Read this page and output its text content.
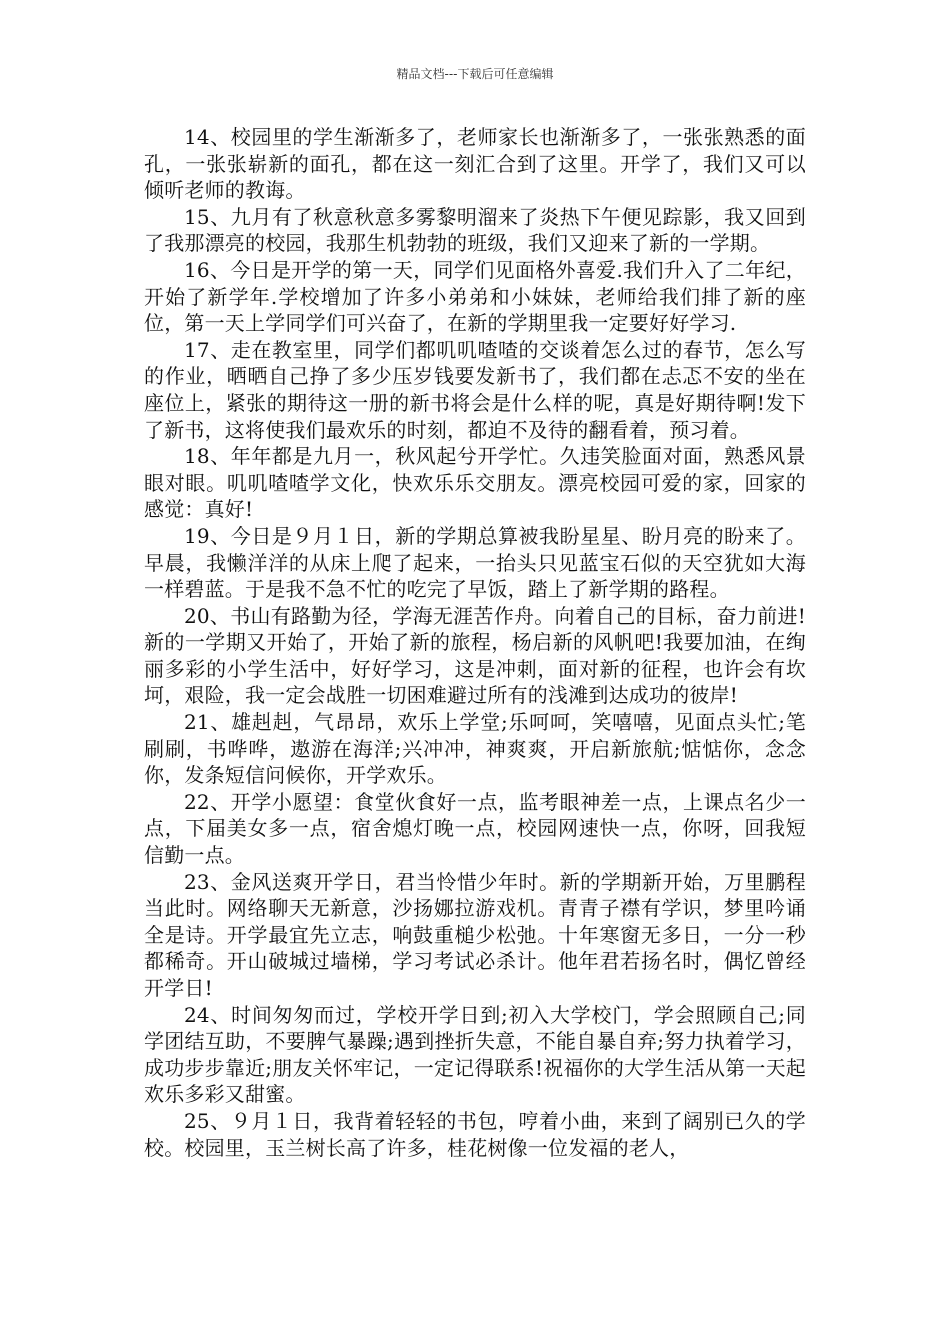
精品文档---下载后可任意编辑

14、校园里的学生渐渐多了，老师家长也渐渐多了，一张张熟悉的面孔，一张张崭新的面孔，都在这一刻汇合到了这里。开学了，我们又可以倾听老师的教诲。

15、九月有了秋意秋意多雾黎明溜来了炎热下午便见踪影，我又回到了我那漂亮的校园，我那生机勃勃的班级，我们又迎来了新的一学期。

16、今日是开学的第一天，同学们见面格外喜爱.我们升入了二年纪，开始了新学年.学校增加了许多小弟弟和小妹妹，老师给我们排了新的座位，第一天上学同学们可兴奋了，在新的学期里我一定要好好学习.

17、走在教室里，同学们都叽叽喳喳的交谈着怎么过的春节，怎么写的作业，晒晒自己挣了多少压岁钱要发新书了，我们都在忐忑不安的坐在座位上，紧张的期待这一册的新书将会是什么样的呢，真是好期待啊!发下了新书，这将使我们最欢乐的时刻，都迫不及待的翻看着，预习着。

18、年年都是九月一，秋风起兮开学忙。久违笑脸面对面，熟悉风景眼对眼。叽叽喳喳学文化，快欢乐乐交朋友。漂亮校园可爱的家，回家的感觉：真好!

19、今日是９月１日，新的学期总算被我盼星星、盼月亮的盼来了。早晨，我懒洋洋的从床上爬了起来，一抬头只见蓝宝石似的天空犹如大海一样碧蓝。于是我不急不忙的吃完了早饭，踏上了新学期的路程。

20、书山有路勤为径，学海无涯苦作舟。向着自己的目标，奋力前进!新的一学期又开始了，开始了新的旅程，杨启新的风帆吧!我要加油，在绚丽多彩的小学生活中，好好学习，这是冲刺，面对新的征程，也许会有坎坷，艰险，我一定会战胜一切困难避过所有的浅滩到达成功的彼岸!

21、雄赳赳，气昂昂，欢乐上学堂;乐呵呵，笑嘻嘻，见面点头忙;笔刷刷，书哗哗，遨游在海洋;兴冲冲，神爽爽，开启新旅航;惦惦你，念念你，发条短信问候你，开学欢乐。

22、开学小愿望：食堂伙食好一点，监考眼神差一点，上课点名少一点，下届美女多一点，宿舍熄灯晚一点，校园网速快一点，你呀，回我短信勤一点。

23、金风送爽开学日，君当怜惜少年时。新的学期新开始，万里鹏程当此时。网络聊天无新意，沙扬娜拉游戏机。青青子襟有学识，梦里吟诵全是诗。开学最宜先立志，响鼓重槌少松弛。十年寒窗无多日，一分一秒都稀奇。开山破城过墙梯，学习考试必杀计。他年君若扬名时，偶忆曾经开学日!

24、时间匆匆而过，学校开学日到;初入大学校门，学会照顾自己;同学团结互助，不要脾气暴躁;遇到挫折失意，不能自暴自弃;努力执着学习，成功步步靠近;朋友关怀牢记，一定记得联系!祝福你的大学生活从第一天起欢乐多彩又甜蜜。

25、９月１日，我背着轻轻的书包，哼着小曲，来到了阔别已久的学校。校园里，玉兰树长高了许多，桂花树像一位发福的老人，
